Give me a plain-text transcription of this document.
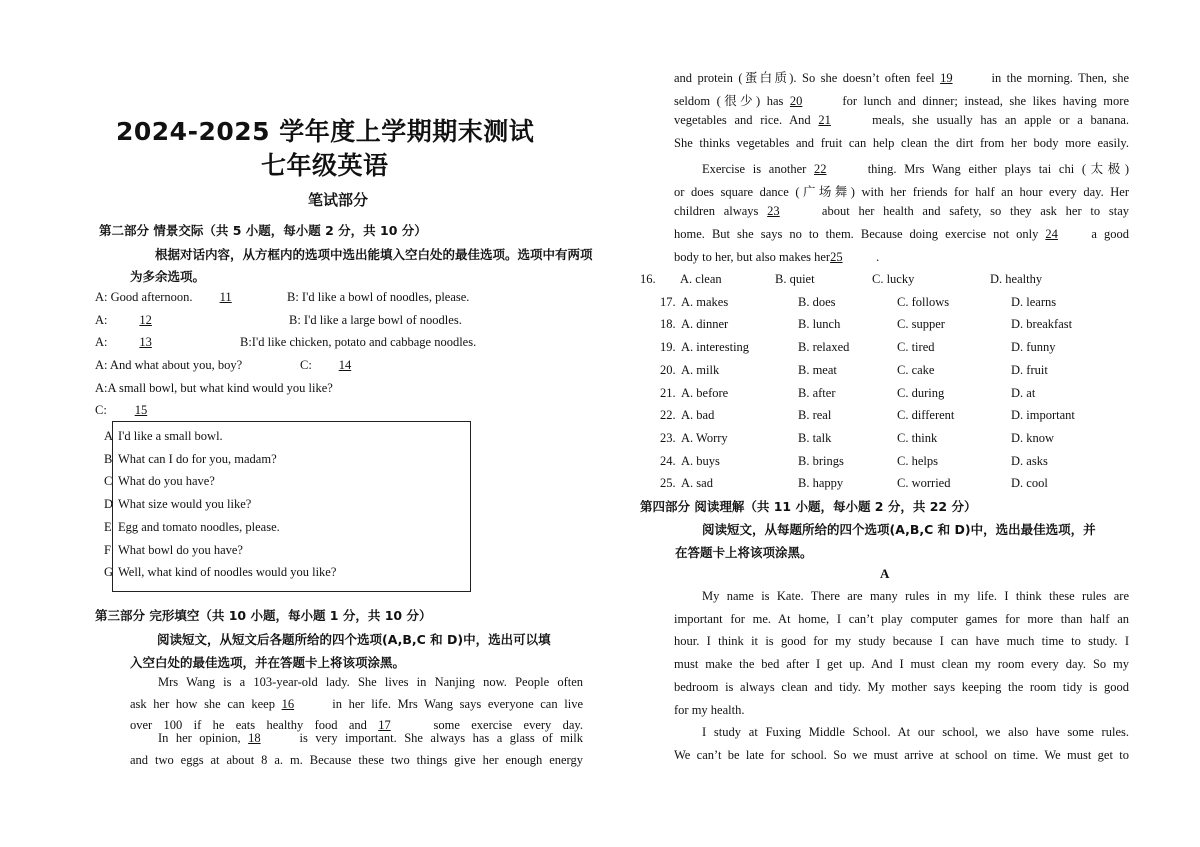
2024-2025 学年度上学期期末测试
七年级英语
笔试部分
第二部分 情景交际（共 5 小题，每小题 2 分，共 10 分）
根据对话内容，从方框内的选项中选出能填入空白处的最佳选项。选项中有两项
为多余选项。
A: Good afternoon. 11	B: I'd like a bowl of noodles, please.
A:	12	B: I'd like a large bowl of noodles.
A:	13	B:I'd like chicken, potato and cabbage noodles.
A: And what about you, boy?	C: 14
A:A small bowl, but what kind would you like?
C: 15
A I'd like a small bowl.
B What can I do for you, madam?
C What do you have?
D What size would you like?
E Egg and tomato noodles, please.
F What bowl do you have?
G Well, what kind of noodles would you like?
第三部分 完形填空（共 10 小题，每小题 1 分，共 10 分）
阅读短文，从短文后各题所给的四个选项(A,B,C 和 D)中，选出可以填
入空白处的最佳选项，并在答题卡上将该项涂黑。
Mrs Wang is a 103-year-old lady. She lives in Nanjing now. People often
ask her how she can keep 16	in her life. Mrs Wang says everyone can live
over 100 if he eats healthy food and 17	some exercise every day.
In her opinion, 18	is very important. She always has a glass of milk
and two eggs at about 8 a. m. Because these two things give her enough energy
and protein (蛋白质). So she doesn’t often feel 19	in the morning. Then, she
seldom (很少) has 20	for lunch and dinner; instead, she likes having more
vegetables and rice. And 21	meals, she usually has an apple or a banana.
She thinks vegetables and fruit can help clean the dirt from her body more easily.
Exercise is another 22	thing. Mrs Wang either plays tai chi (太极)
or does square dance (广场舞) with her friends for half an hour every day. Her
children always 23	about her health and safety, so they ask her to stay
home. But she says no to them. Because doing exercise not only 24	a good
body to her, but also makes her25	.
16. A. clean	B. quiet	C. lucky	D. healthy
17. A. makes	B. does	C. follows	D. learns
18. A. dinner	B. lunch	C. supper	D. breakfast
19. A. interesting	B. relaxed	C. tired	D. funny
20. A. milk	B. meat	C. cake	D. fruit
21. A. before	B. after	C. during	D. at
22. A. bad	B. real	C. different	D. important
23. A. Worry	B. talk	C. think	D. know
24. A. buys	B. brings	C. helps	D. asks
25. A. sad	B. happy	C. worried	D. cool
第四部分 阅读理解（共 11 小题，每小题 2 分，共 22 分）
阅读短文，从每题所给的四个选项(A,B,C 和 D)中，选出最佳选项，并
在答题卡上将该项涂黑。
A
My name is Kate. There are many rules in my life. I think these rules are
important for me. At home, I can’t play computer games for more than half an
hour. I think it is good for my study because I can have much time to study. I
must make the bed after I get up. And I must clean my room every day. So my
bedroom is always clean and tidy. My mother says keeping the room tidy is good
for my health.
I study at Fuxing Middle School. At our school, we also have some rules.
We can’t be late for school. So we must arrive at school on time. We must get to
